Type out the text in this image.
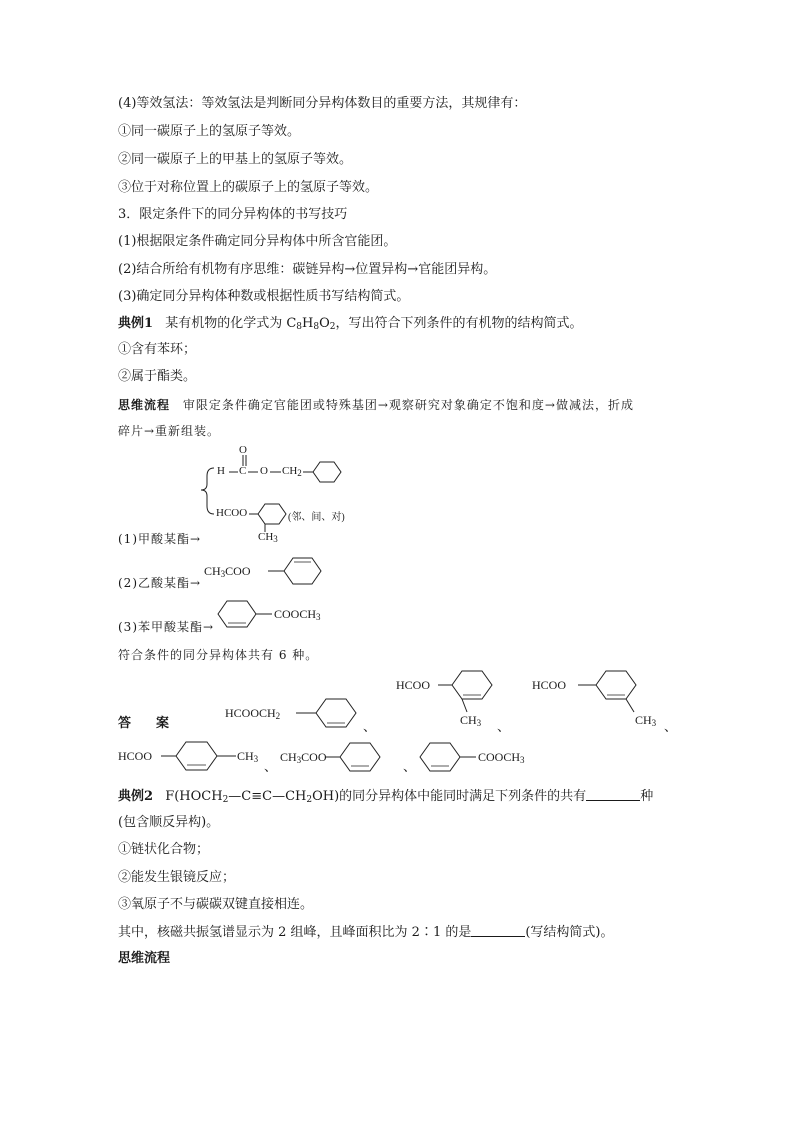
(4)等效氢法：等效氢法是判断同分异构体数目的重要方法，其规律有：
①同一碳原子上的氢原子等效。
②同一碳原子上的甲基上的氢原子等效。
③位于对称位置上的碳原子上的氢原子等效。
3．限定条件下的同分异构体的书写技巧
(1)根据限定条件确定同分异构体中所含官能团。
(2)结合所给有机物有序思维：碳链异构→位置异构→官能团异构。
(3)确定同分异构体种数或根据性质书写结构简式。
典例1 某有机物的化学式为 $C_8H_8O_2$，写出符合下列条件的有机物的结构简式。
①含有苯环；
②属于酯类。
思维流程 审限定条件确定官能团或特殊基团→观察研究对象确定不饱和度→做减法，折成
碎片→重新组装。
H C
O
O $CH_2$
HCOO
$CH_3$
(邻、间、对)
(1)甲酸某酯→
(2)乙酸某酯→
$CH_3COO$
(3)苯甲酸某酯→
$COOCH_3$
符合条件的同分异构体共有 6 种。
答　案
$HCOOCH_2$
、
HCOO
$CH_3$ 、
HCOO
$CH_3$ 、
HCOO	$CH_3$ 、
$CH_3COO$
、
$COOCH_3$
典例2 $F(HOCH_2—C\equiv C—CH_2OH)$的同分异构体中能同时满足下列条件的共有	种
(包含顺反异构)。
①链状化合物；
②能发生银镜反应；
③氧原子不与碳碳双键直接相连。
其中，核磁共振氢谱显示为 2 组峰，且峰面积比为 2∶1 的是	(写结构简式)。
思维流程
